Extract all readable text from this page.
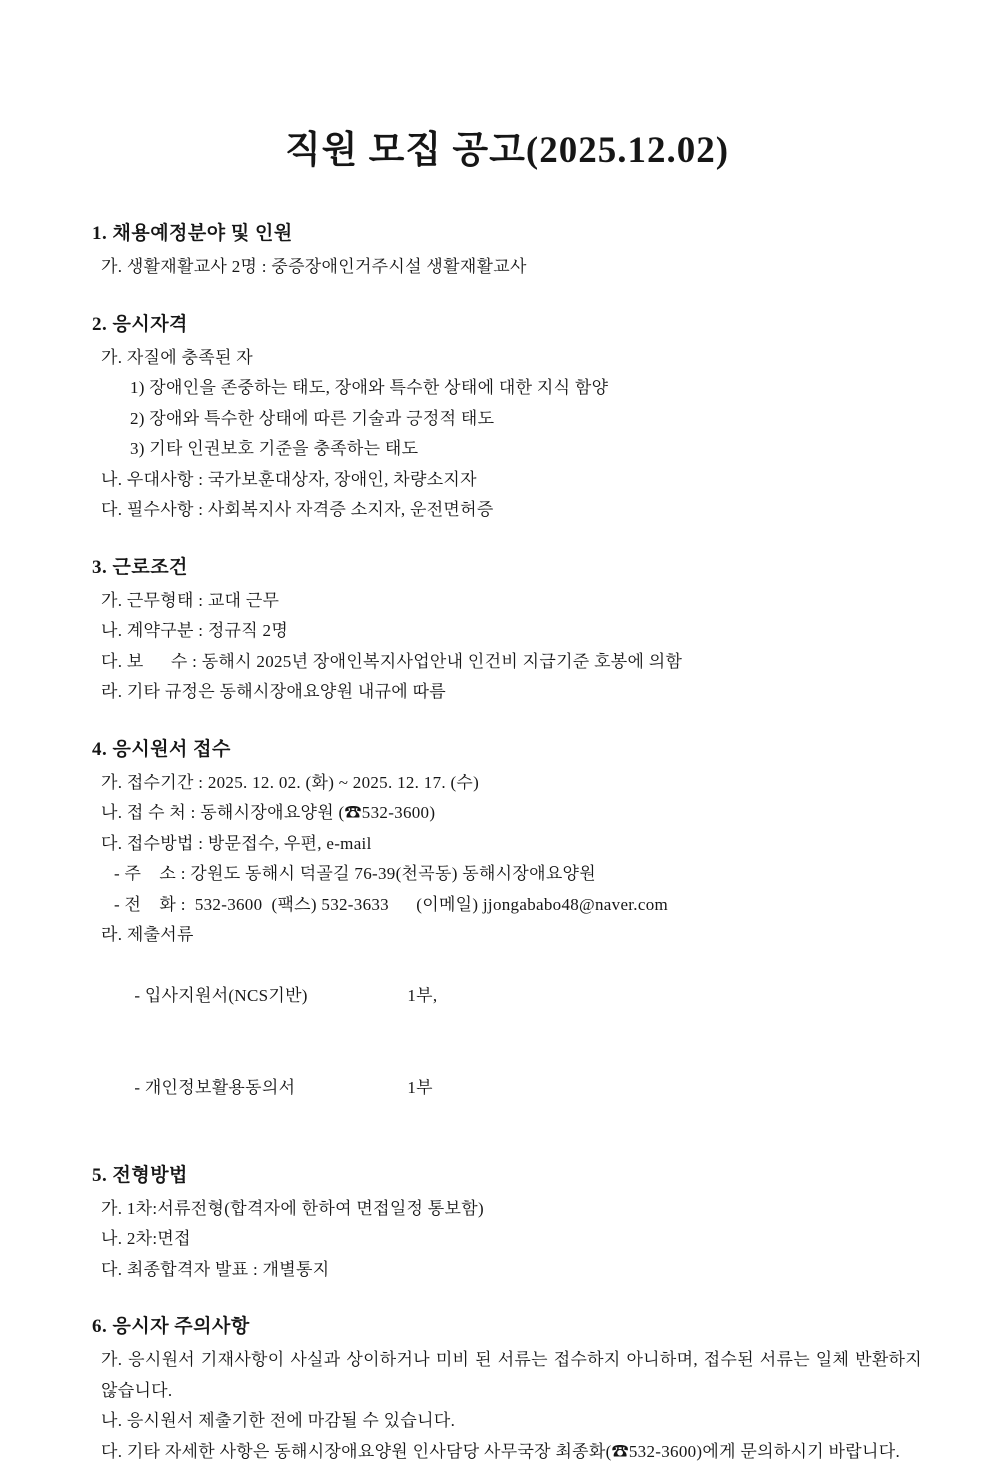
직원 모집 공고(2025.12.02)
1. 채용예정분야 및 인원

가. 생활재활교사 2명 : 중증장애인거주시설 생활재활교사

2. 응시자격

가. 자질에 충족된 자

1) 장애인을 존중하는 태도, 장애와 특수한 상태에 대한 지식 함양

2) 장애와 특수한 상태에 따른 기술과 긍정적 태도

3) 기타 인권보호 기준을 충족하는 태도

나. 우대사항 : 국가보훈대상자, 장애인, 차량소지자

다. 필수사항 : 사회복지사 자격증 소지자, 운전면허증

3. 근로조건

가. 근무형태 : 교대 근무

나. 계약구분 : 정규직 2명

다. 보      수 : 동해시 2025년 장애인복지사업안내 인건비 지급기준 호봉에 의함

라. 기타 규정은 동해시장애요양원 내규에 따름

4. 응시원서 접수

가. 접수기간 : 2025. 12. 02. (화) ~ 2025. 12. 17. (수)

나. 접 수 처 : 동해시장애요양원 (☎532-3600)

다. 접수방법 : 방문접수, 우편, e-mail

- 주    소 : 강원도 동해시 덕골길 76-39(천곡동) 동해시장애요양원

- 전    화 :  532-3600  (팩스) 532-3633      (이메일) jjongababo48@naver.com

라. 제출서류

- 입사지원서(NCS기반)	1부,

- 개인정보활용동의서	1부

5. 전형방법

가. 1차:서류전형(합격자에 한하여 면접일정 통보함)

나. 2차:면접

다. 최종합격자 발표 : 개별통지

6. 응시자 주의사항

가. 응시원서 기재사항이 사실과 상이하거나 미비 된 서류는 접수하지 아니하며, 접수된 서류는 일체 반환하지 않습니다.

나. 응시원서 제출기한 전에 마감될 수 있습니다.

다. 기타 자세한 사항은 동해시장애요양원 인사담당 사무국장 최종화(☎532-3600)에게 문의하시기 바랍니다.
